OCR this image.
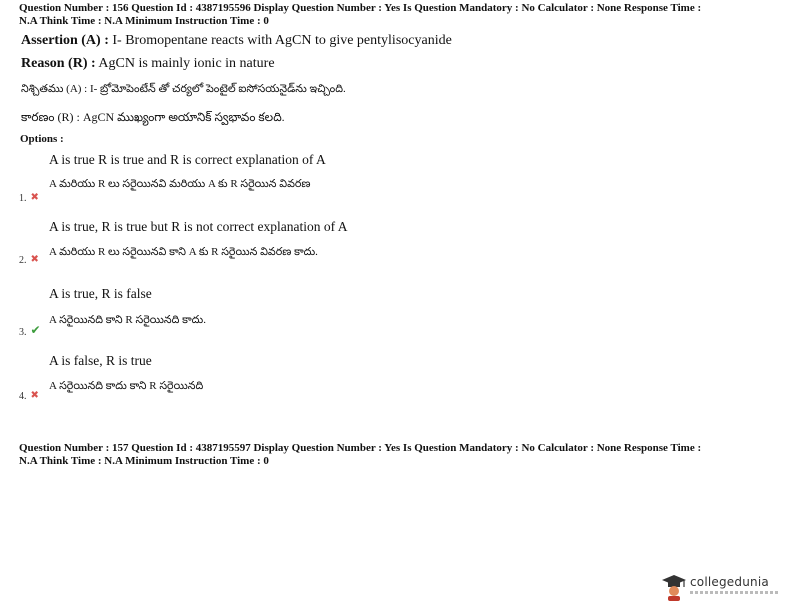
Question Number : 156 Question Id : 4387195596 Display Question Number : Yes Is Question Mandatory : No Calculator : None Response Time :
N.A Think Time : N.A Minimum Instruction Time : 0
Assertion (A) : I- Bromopentane reacts with AgCN to give pentylisocyanide
Reason (R) : AgCN is mainly ionic in nature
నిశ్చితము (A) : I- బ్రోమోపెంటేన్ తో చర్యలో పెంటైల్ ఐసోసయనైడ్‌ను ఇచ్చింది.
కారణం (R) : AgCN ముఖ్యంగా అయానిక్ స్వభావం కలది.
Options :
A is true R is true and R is correct explanation of A
A మరియు R లు సరైయినవి మరియు A కు R సరైయిన వివరణ
1. ✖
A is true, R is true but R is not correct explanation of A
A మరియు R లు సరైయినవి కాని A కు R సరైయిన వివరణ కాదు.
2. ✖
A is true, R is false
A సరైయినది కాని R సరైయినది కాదు.
3. ✔
A is false, R is true
A సరైయినది కాదు కాని R సరైయినది
4. ✖
Question Number : 157 Question Id : 4387195597 Display Question Number : Yes Is Question Mandatory : No Calculator : None Response Time :
N.A Think Time : N.A Minimum Instruction Time : 0
collegedunia
